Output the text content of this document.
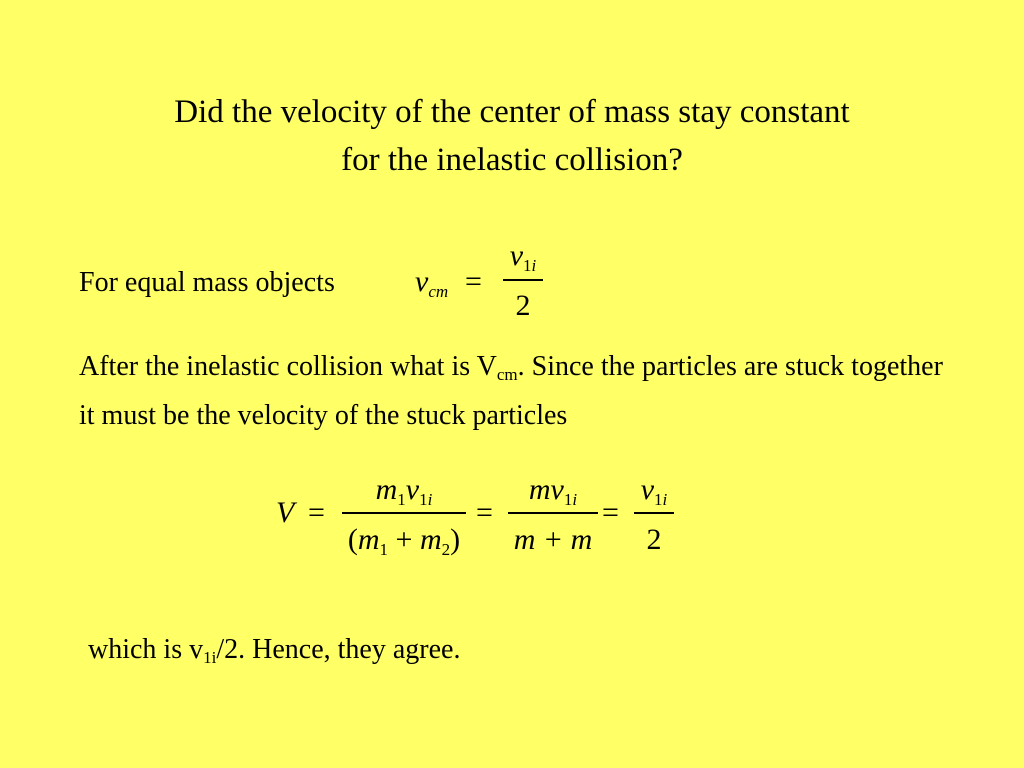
Did the velocity of the center of mass stay constant
for the inelastic collision?
For equal mass objects	$v_{cm}$ =
$v_{1i}$
2
After the inelastic collision what is $V_{cm}$. Since the particles are stuck together it must be the velocity of the stuck particles
V =
$m_1v_{1i}$
$(m_1 + m_2)$
=
$mv_{1i}$
m + m
=
$v_{1i}$
2
which is $v_{1i}/2$. Hence, they agree.
